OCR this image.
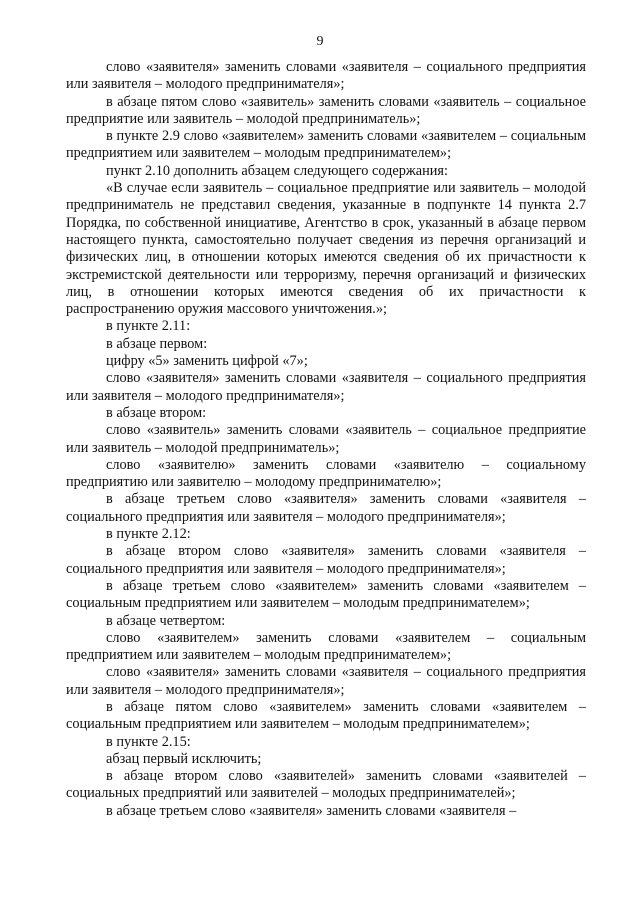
9

слово «заявителя» заменить словами «заявителя – социального предприятия или заявителя – молодого предпринимателя»;

в абзаце пятом слово «заявитель» заменить словами «заявитель – социальное предприятие или заявитель – молодой предприниматель»;

в пункте 2.9 слово «заявителем» заменить словами «заявителем – социальным предприятием или заявителем – молодым предпринимателем»;

пункт 2.10 дополнить абзацем следующего содержания:

«В случае если заявитель – социальное предприятие или заявитель – молодой предприниматель не представил сведения, указанные в подпункте 14 пункта 2.7 Порядка, по собственной инициативе, Агентство в срок, указанный в абзаце первом настоящего пункта, самостоятельно получает сведения из перечня организаций и физических лиц, в отношении которых имеются сведения об их причастности к экстремистской деятельности или терроризму, перечня организаций и физических лиц, в отношении которых имеются сведения об их причастности к распространению оружия массового уничтожения.»;

в пункте 2.11:

в абзаце первом:

цифру «5» заменить цифрой «7»;

слово «заявителя» заменить словами «заявителя – социального предприятия или заявителя – молодого предпринимателя»;

в абзаце втором:

слово «заявитель» заменить словами «заявитель – социальное предприятие или заявитель – молодой предприниматель»;

слово «заявителю» заменить словами «заявителю – социальному предприятию или заявителю – молодому предпринимателю»;

в абзаце третьем слово «заявителя» заменить словами «заявителя – социального предприятия или заявителя – молодого предпринимателя»;

в пункте 2.12:

в абзаце втором слово «заявителя» заменить словами «заявителя – социального предприятия или заявителя – молодого предпринимателя»;

в абзаце третьем слово «заявителем» заменить словами «заявителем – социальным предприятием или заявителем – молодым предпринимателем»;

в абзаце четвертом:

слово «заявителем» заменить словами «заявителем – социальным предприятием или заявителем – молодым предпринимателем»;

слово «заявителя» заменить словами «заявителя – социального предприятия или заявителя – молодого предпринимателя»;

в абзаце пятом слово «заявителем» заменить словами «заявителем – социальным предприятием или заявителем – молодым предпринимателем»;

в пункте 2.15:

абзац первый исключить;

в абзаце втором слово «заявителей» заменить словами «заявителей – социальных предприятий или заявителей – молодых предпринимателей»;

в абзаце третьем слово «заявителя» заменить словами «заявителя –
